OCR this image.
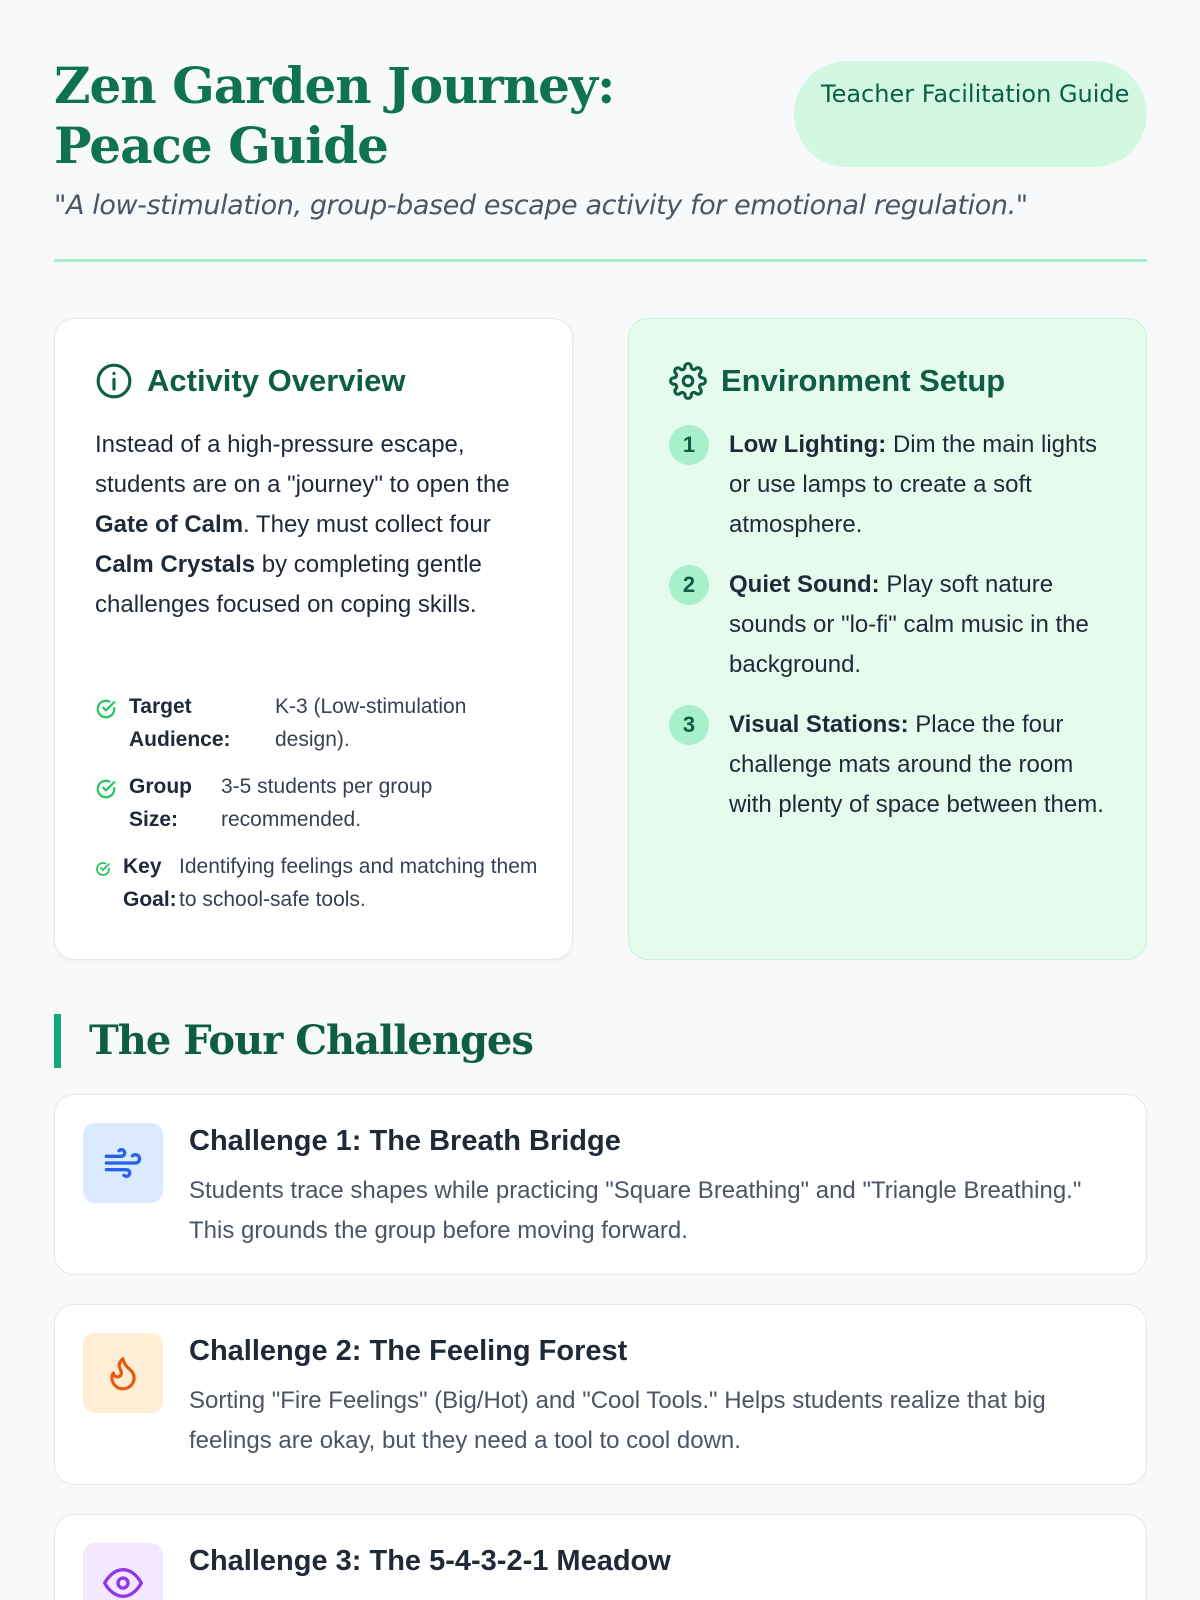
Zen Garden Journey: Peace Guide
Teacher Facilitation Guide

"A low-stimulation, group-based escape activity for emotional regulation."

Activity Overview

Instead of a high-pressure escape, students are on a "journey" to open the Gate of Calm. They must collect four Calm Crystals by completing gentle challenges focused on coping skills.

Target Audience:
K-3 (Low-stimulation design).
Group Size:
3-5 students per group recommended.
Key Goal:
Identifying feelings and matching them to school-safe tools.
Environment Setup
1	Low Lighting: Dim the main lights or use lamps to create a soft atmosphere.

2	Quiet Sound: Play soft nature sounds or "lo-fi" calm music in the background.

3	Visual Stations: Place the four challenge mats around the room with plenty of space between them.

The Four Challenges
Challenge 1: The Breath Bridge

Students trace shapes while practicing "Square Breathing" and "Triangle Breathing." This grounds the group before moving forward.

Challenge 2: The Feeling Forest

Sorting "Fire Feelings" (Big/Hot) and "Cool Tools." Helps students realize that big feelings are okay, but they need a tool to cool down.

Challenge 3: The 5-4-3-2-1 Meadow
